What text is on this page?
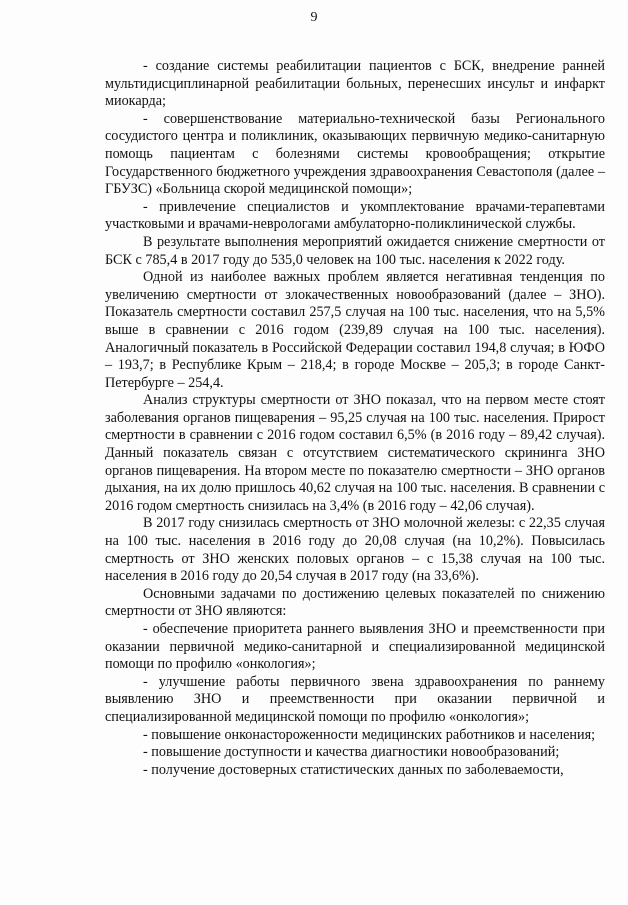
9

- создание системы реабилитации пациентов с БСК, внедрение ранней мультидисциплинарной реабилитации больных, перенесших инсульт и инфаркт миокарда;

- совершенствование материально-технической базы Регионального сосудистого центра и поликлиник, оказывающих первичную медико-санитарную помощь пациентам с болезнями системы кровообращения; открытие Государственного бюджетного учреждения здравоохранения Севастополя (далее – ГБУЗС) «Больница скорой медицинской помощи»;

- привлечение специалистов и укомплектование врачами-терапевтами участковыми и врачами-неврологами амбулаторно-поликлинической службы.

В результате выполнения мероприятий ожидается снижение смертности от БСК с 785,4 в 2017 году до 535,0 человек на 100 тыс. населения к 2022 году.

Одной из наиболее важных проблем является негативная тенденция по увеличению смертности от злокачественных новообразований (далее – ЗНО). Показатель смертности составил 257,5 случая на 100 тыс. населения, что на 5,5% выше в сравнении с 2016 годом (239,89 случая на 100 тыс. населения). Аналогичный показатель в Российской Федерации составил 194,8 случая; в ЮФО – 193,7; в Республике Крым – 218,4; в городе Москве – 205,3; в городе Санкт-Петербурге – 254,4.

Анализ структуры смертности от ЗНО показал, что на первом месте стоят заболевания органов пищеварения – 95,25 случая на 100 тыс. населения. Прирост смертности в сравнении с 2016 годом составил 6,5% (в 2016 году – 89,42 случая). Данный показатель связан с отсутствием систематического скрининга ЗНО органов пищеварения. На втором месте по показателю смертности – ЗНО органов дыхания, на их долю пришлось 40,62 случая на 100 тыс. населения. В сравнении с 2016 годом смертность снизилась на 3,4% (в 2016 году – 42,06 случая).

В 2017 году снизилась смертность от ЗНО молочной железы: с 22,35 случая на 100 тыс. населения в 2016 году до 20,08 случая (на 10,2%). Повысилась смертность от ЗНО женских половых органов – с 15,38 случая на 100 тыс. населения в 2016 году до 20,54 случая в 2017 году (на 33,6%).

Основными задачами по достижению целевых показателей по снижению смертности от ЗНО являются:

- обеспечение приоритета раннего выявления ЗНО и преемственности при оказании первичной медико-санитарной и специализированной медицинской помощи по профилю «онкология»;

- улучшение работы первичного звена здравоохранения по раннему выявлению ЗНО и преемственности при оказании первичной и специализированной медицинской помощи по профилю «онкология»;

- повышение онконастороженности медицинских работников и населения;

- повышение доступности и качества диагностики новообразований;

- получение достоверных статистических данных по заболеваемости,
